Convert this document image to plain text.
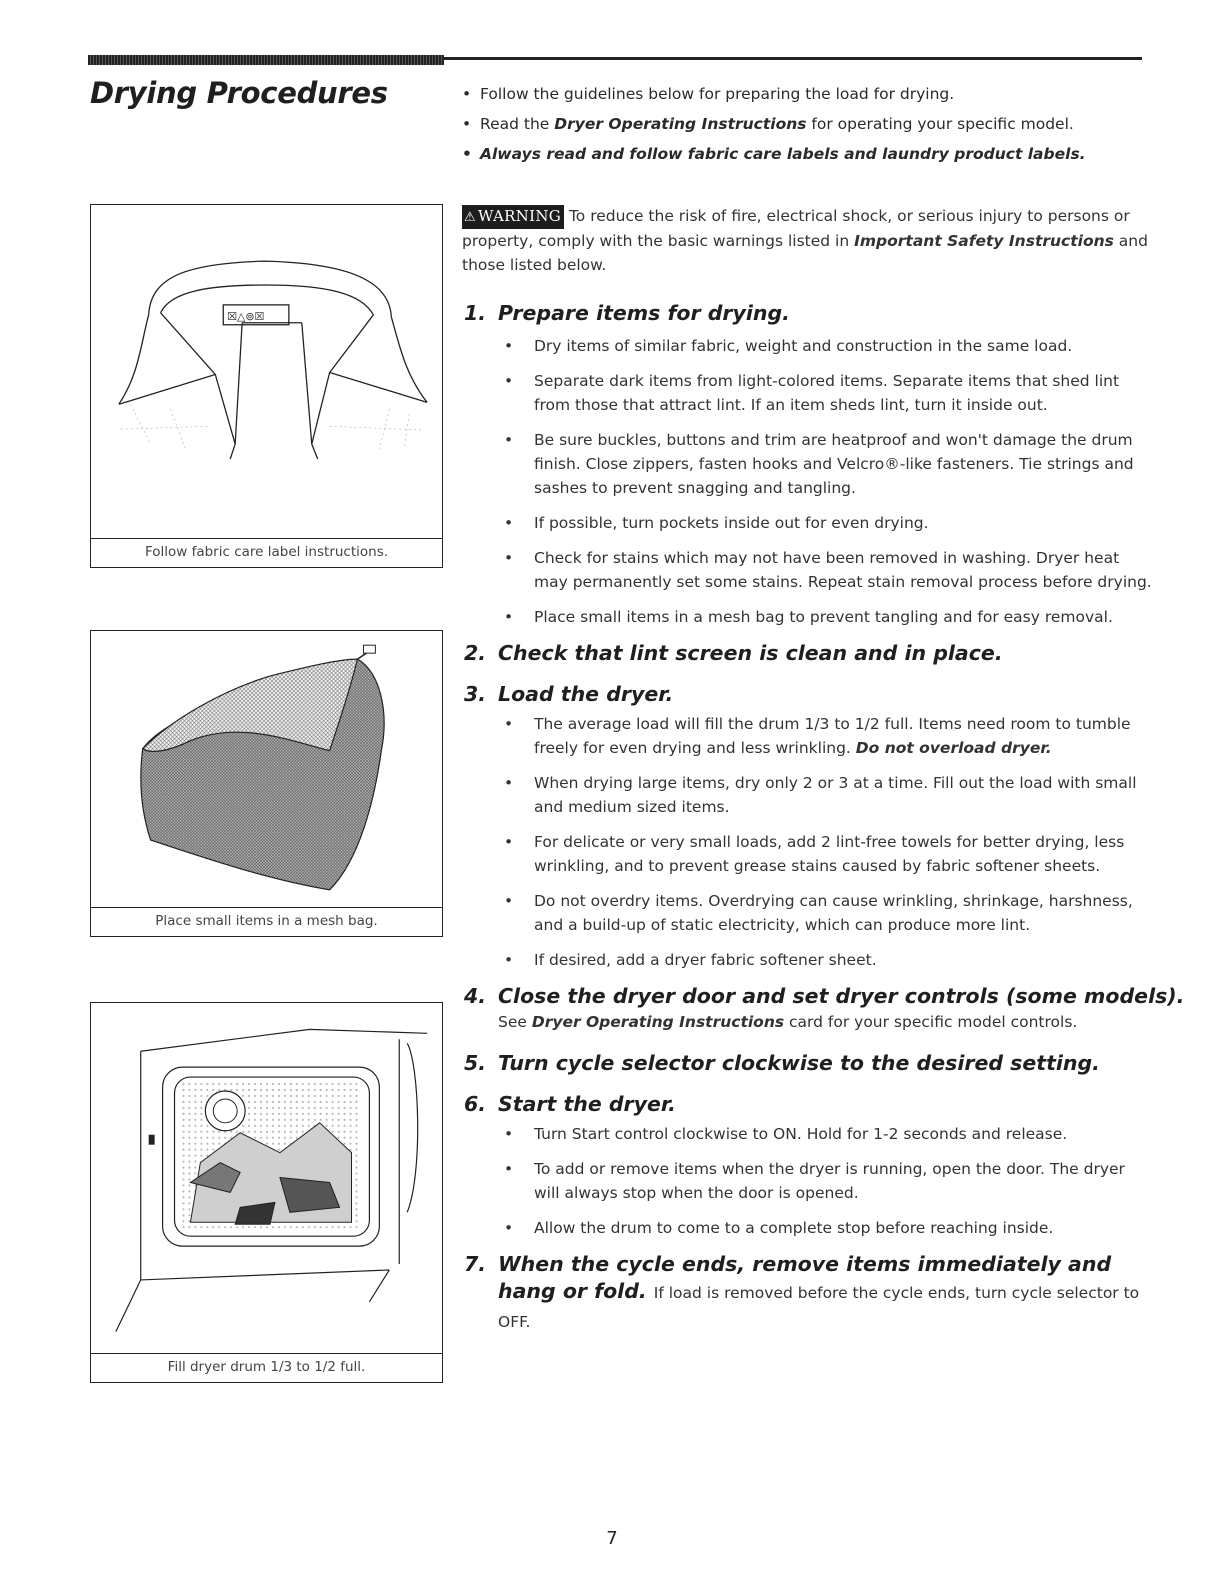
Drying Procedures	• Follow the guidelines below for preparing the load for drying.

• Read the Dryer Operating Instructions for operating your specific model.

• Always read and follow fabric care labels and laundry product labels.

☒△⊚☒
Follow fabric care label instructions.
Place small items in a mesh bag.
Fill dryer drum 1/3 to 1/2 full.
⚠ WARNING To reduce the risk of fire, electrical shock, or serious injury to persons or property, comply with the basic warnings listed in Important Safety Instructions and those listed below.
1. Prepare items for drying.
• Dry items of similar fabric, weight and construction in the same load.
• Separate dark items from light-colored items. Separate items that shed lint from those that attract lint. If an item sheds lint, turn it inside out.
• Be sure buckles, buttons and trim are heatproof and won't damage the drum finish. Close zippers, fasten hooks and Velcro®-like fasteners. Tie strings and sashes to prevent snagging and tangling.
• If possible, turn pockets inside out for even drying.
• Check for stains which may not have been removed in washing. Dryer heat may permanently set some stains. Repeat stain removal process before drying.
• Place small items in a mesh bag to prevent tangling and for easy removal.
2. Check that lint screen is clean and in place.
3. Load the dryer.
• The average load will fill the drum 1/3 to 1/2 full. Items need room to tumble freely for even drying and less wrinkling. Do not overload dryer.
• When drying large items, dry only 2 or 3 at a time. Fill out the load with small and medium sized items.
• For delicate or very small loads, add 2 lint-free towels for better drying, less wrinkling, and to prevent grease stains caused by fabric softener sheets.
• Do not overdry items. Overdrying can cause wrinkling, shrinkage, harshness, and a build-up of static electricity, which can produce more lint.
• If desired, add a dryer fabric softener sheet.
4. Close the dryer door and set dryer controls (some models).
See Dryer Operating Instructions card for your specific model controls.
5. Turn cycle selector clockwise to the desired setting.
6. Start the dryer.
• Turn Start control clockwise to ON. Hold for 1-2 seconds and release.
• To add or remove items when the dryer is running, open the door. The dryer will always stop when the door is opened.
• Allow the drum to come to a complete stop before reaching inside.
7. When the cycle ends, remove items immediately and hang or fold. If load is removed before the cycle ends, turn cycle selector to OFF.
7
